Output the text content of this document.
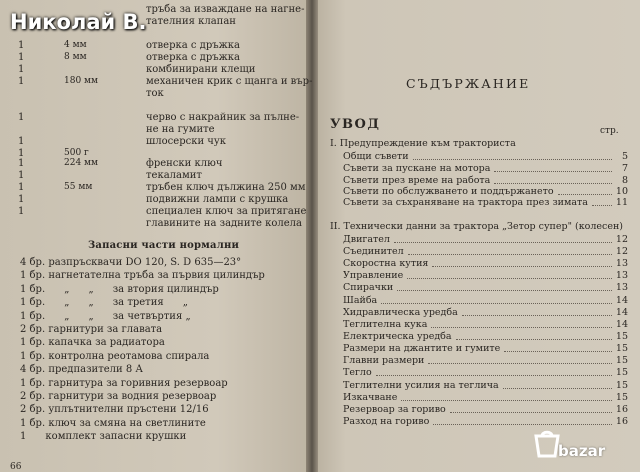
Николай В.
тръба за изваждане на нагне-
тателния клапан
1	4 мм	отверка с дръжка
1	8 мм	отверка с дръжка
1	комбинирани клещи
1	180 мм	механичен крик с щанга и вър-
ток
1	черво с накрайник за пълне-
не на гумите
1	шлосерски чук
1	500 г
1	224 мм	френски ключ
1	текаламит
1	55 мм	тръбен ключ дължина 250 мм
1	подвижни лампи с крушка
1	специален ключ за притягане
главините на задните колела
Запасни части нормални
4 бр. разпръсквачи DO 120, S. D 635—23°
1 бр. нагнетателна тръба за първия цилиндър
1 бр.      „      „      за втория цилиндър
1 бр.      „      „      за третия      „
1 бр.      „      „      за четвъртия „
2 бр. гарнитури за главата
1 бр. капачка за радиатора
1 бр. контролна реотамова спирала
4 бр. предпазители 8 А
1 бр. гарнитура за горивния резервоар
2 бр. гарнитури за водния резервоар
2 бр. уплътнителни пръстени 12/16
1 бр. ключ за смяна на светлините
1      комплект запасни крушки
66
СЪДЪРЖАНИЕ
УВОД	стр.
I. Предупреждение към тракториста
Общи съвети	5
Съвети за пускане на мотора	7
Съвети през време на работа	8
Съвети по обслужването и поддържането	10
Съвети за съхраняване на трактора през зимата	11
II. Технически данни за трактора „Зетор супер" (колесен)
Двигател	12
Съединител	12
Скоростна кутия	13
Управление	13
Спирачки	13
Шайба	14
Хидравлическа уредба	14
Теглителна кука	14
Електрическа уредба	15
Размери на джантите и гумите	15
Главни размери	15
Тегло	15
Теглителни усилия на теглича	15
Изкачване	15
Резервоар за гориво	16
Разход на гориво	16
bazar
